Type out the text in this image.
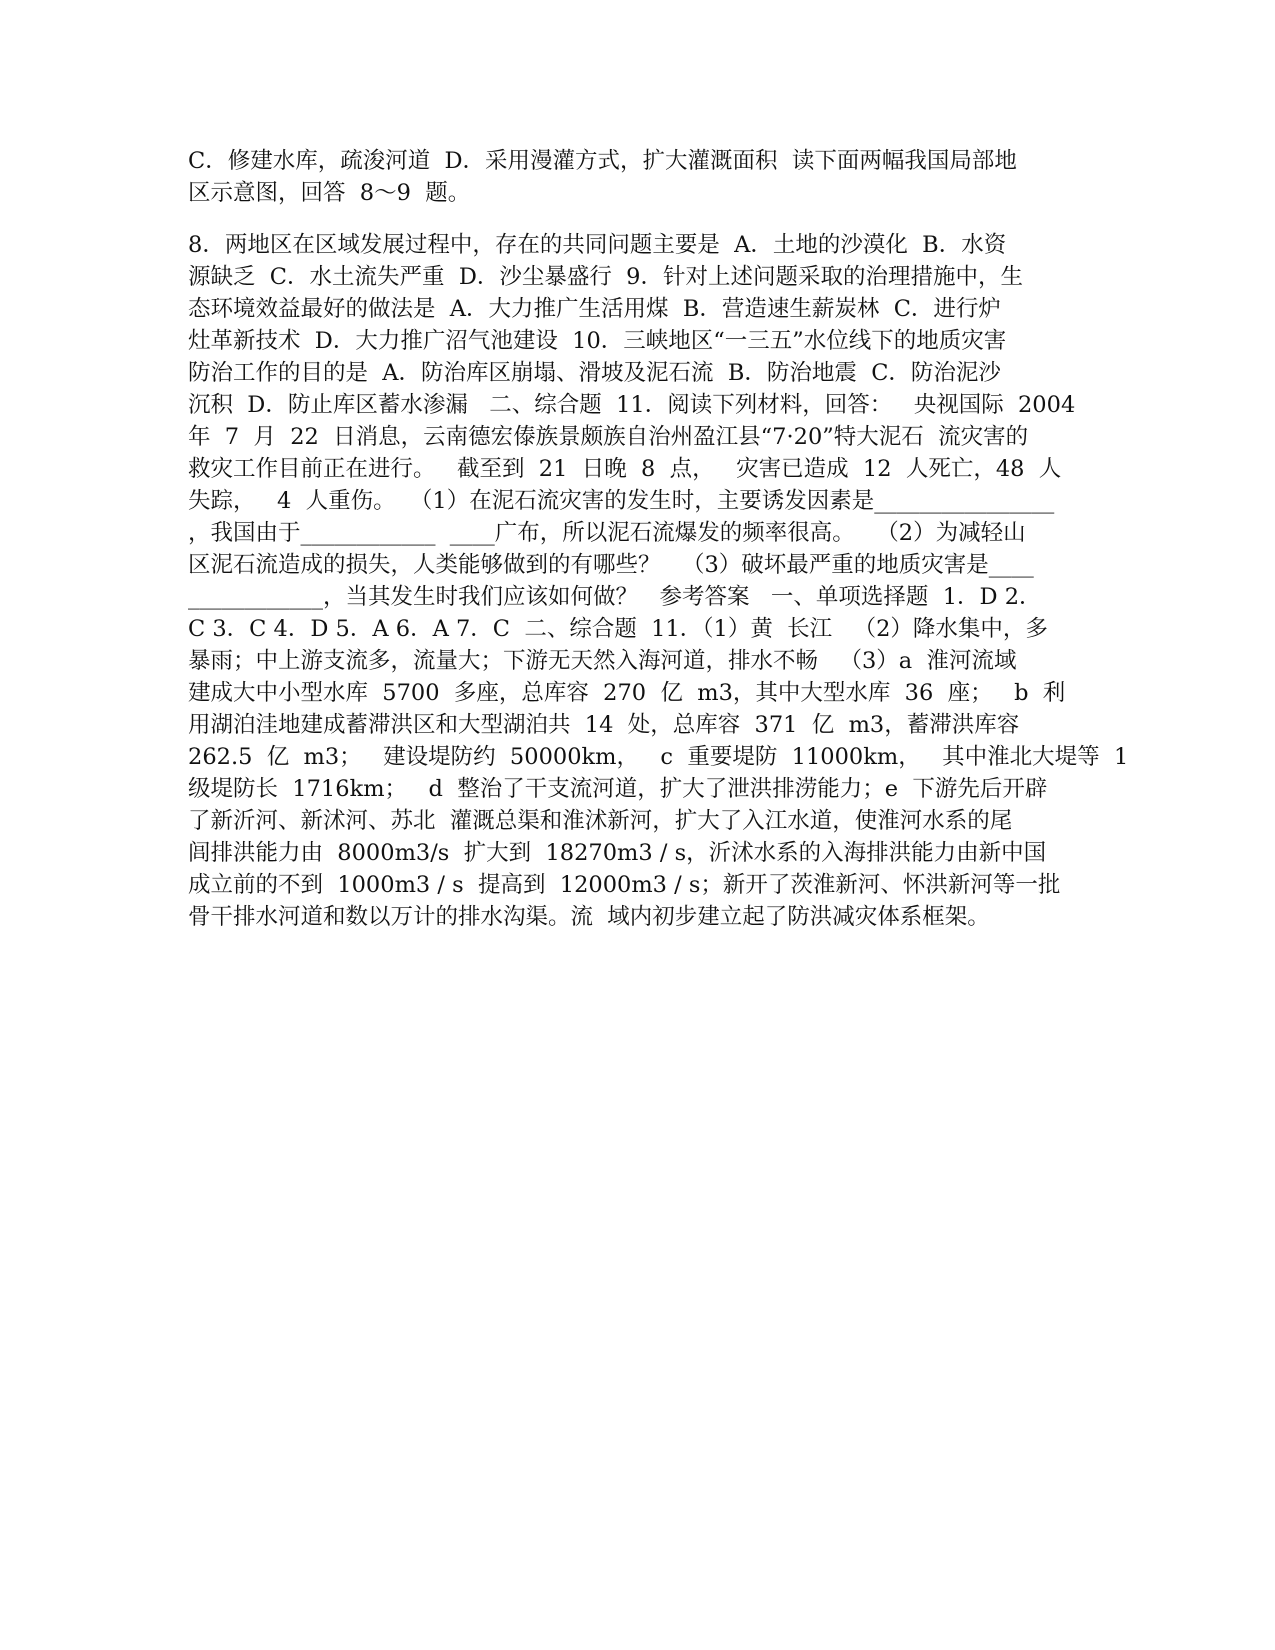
C．修建水库，疏浚河道  D．采用漫灌方式，扩大灌溉面积  读下面两幅我国局部地
区示意图，回答  8～9  题。
8．两地区在区域发展过程中，存在的共同问题主要是  A．土地的沙漠化  B．水资
源缺乏  C．水土流失严重  D．沙尘暴盛行  9．针对上述问题采取的治理措施中，生
态环境效益最好的做法是  A．大力推广生活用煤  B．营造速生薪炭林  C．进行炉
灶革新技术  D．大力推广沼气池建设  10．三峡地区“一三五”水位线下的地质灾害
防治工作的目的是  A．防治库区崩塌、滑坡及泥石流  B．防治地震  C．防治泥沙
沉积  D．防止库区蓄水渗漏   二、综合题  11．阅读下列材料，回答：   央视国际  2004
年  7  月  22  日消息，云南德宏傣族景颇族自治州盈江县“7·20”特大泥石  流灾害的
救灾工作目前正在进行。   截至到  21  日晚  8  点，   灾害已造成  12  人死亡，48  人
失踪，   4  人重伤。  （1）在泥石流灾害的发生时，主要诱发因素是________________
，我国由于____________  ____广布，所以泥石流爆发的频率很高。   （2）为减轻山
区泥石流造成的损失，人类能够做到的有哪些？   （3）破坏最严重的地质灾害是____
____________，当其发生时我们应该如何做？   参考答案   一、单项选择题  1．D 2．
C 3．C 4．D 5．A 6．A 7．C  二、综合题  11．（1）黄  长江   （2）降水集中，多
暴雨；中上游支流多，流量大；下游无天然入海河道，排水不畅   （3）a  淮河流域
建成大中小型水库  5700  多座，总库容  270  亿  m3，其中大型水库  36  座；   b  利
用湖泊洼地建成蓄滞洪区和大型湖泊共  14  处，总库容  371  亿  m3，蓄滞洪库容
262.5  亿  m3；   建设堤防约  50000km，   c  重要堤防  11000km，   其中淮北大堤等  1
级堤防长  1716km；   d  整治了干支流河道，扩大了泄洪排涝能力；e  下游先后开辟
了新沂河、新沭河、苏北  灌溉总渠和淮沭新河，扩大了入江水道，使淮河水系的尾
闾排洪能力由  8000m3/s  扩大到  18270m3 / s，沂沭水系的入海排洪能力由新中国
成立前的不到  1000m3 / s  提高到  12000m3 / s；新开了茨淮新河、怀洪新河等一批
骨干排水河道和数以万计的排水沟渠。流  域内初步建立起了防洪减灾体系框架。
